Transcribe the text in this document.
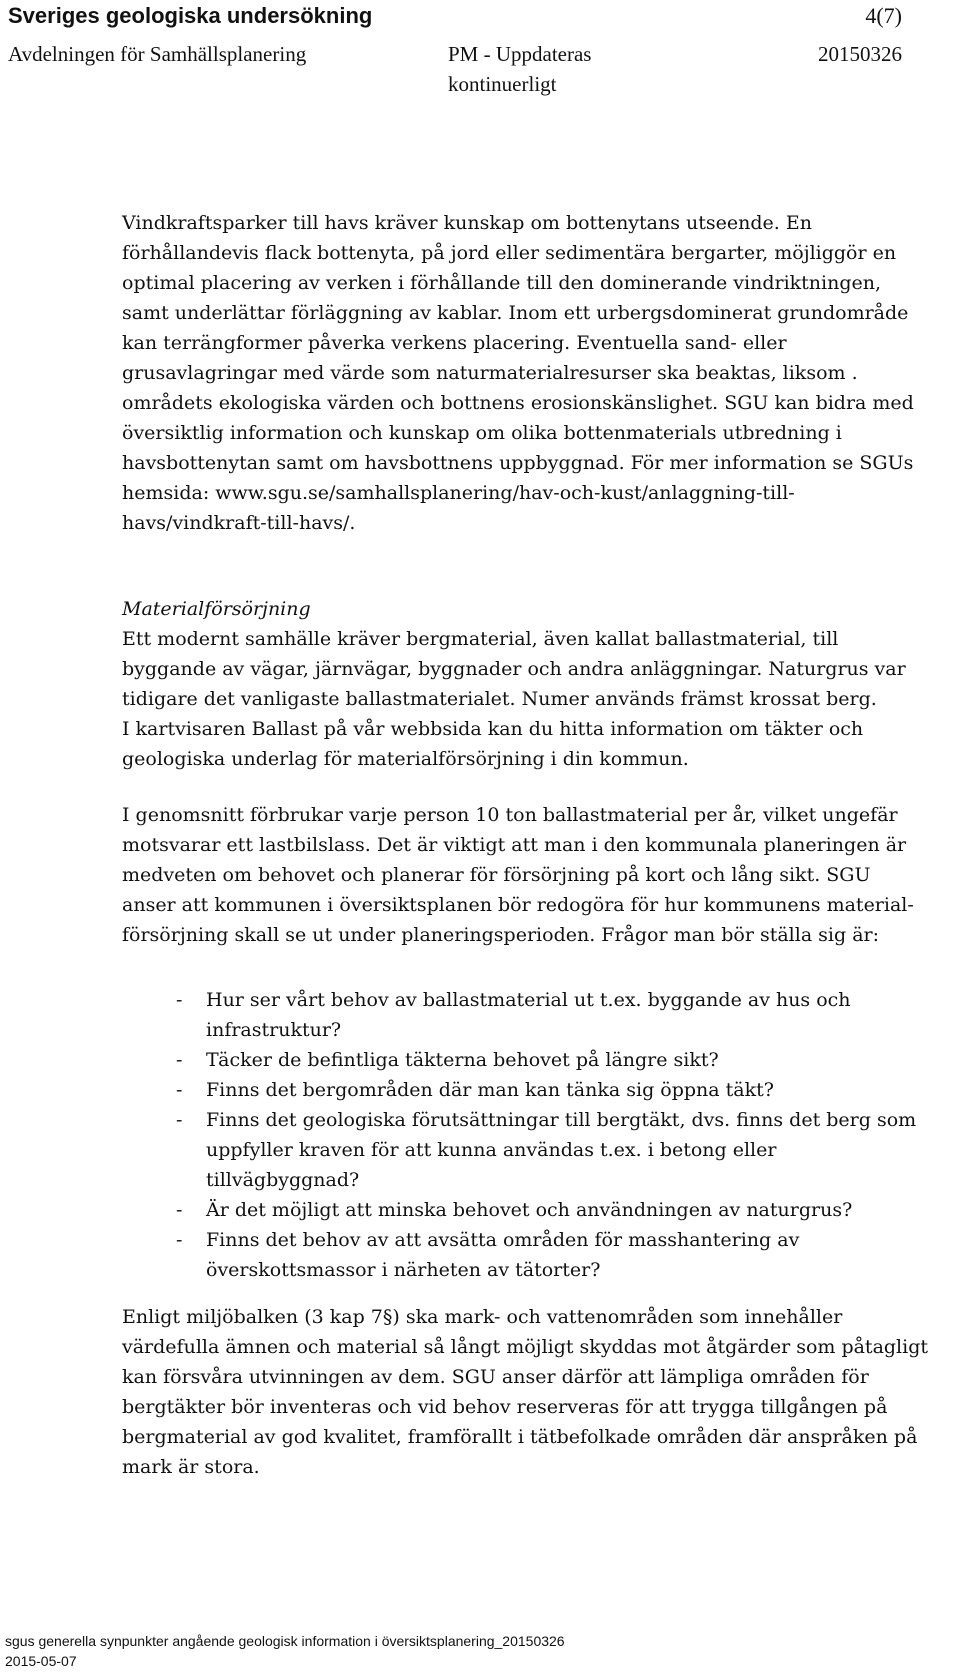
Sveriges geologiska undersökning	4(7)
Avdelningen för Samhällsplanering	PM - Uppdateras
kontinuerligt
20150326
Vindkraftsparker till havs kräver kunskap om bottenytans utseende. En
förhållandevis flack bottenyta, på jord eller sedimentära bergarter, möjliggör en
optimal placering av verken i förhållande till den dominerande vindriktningen,
samt underlättar förläggning av kablar. Inom ett urbergsdominerat grundområde
kan terrängformer påverka verkens placering. Eventuella sand- eller
grusavlagringar med värde som naturmaterialresurser ska beaktas, liksom .
områdets ekologiska värden och bottnens erosionskänslighet. SGU kan bidra med
översiktlig information och kunskap om olika bottenmaterials utbredning i
havsbottenytan samt om havsbottnens uppbyggnad. För mer information se SGUs
hemsida: www.sgu.se/samhallsplanering/hav-och-kust/anlaggning-till-
havs/vindkraft-till-havs/.

Materialförsörjning

Ett modernt samhälle kräver bergmaterial, även kallat ballastmaterial, till
byggande av vägar, järnvägar, byggnader och andra anläggningar. Naturgrus var
tidigare det vanligaste ballastmaterialet. Numer används främst krossat berg.
I kartvisaren Ballast på vår webbsida kan du hitta information om täkter och
geologiska underlag för materialförsörjning i din kommun.
I genomsnitt förbrukar varje person 10 ton ballastmaterial per år, vilket ungefär
motsvarar ett lastbilslass. Det är viktigt att man i den kommunala planeringen är
medveten om behovet och planerar för försörjning på kort och lång sikt. SGU
anser att kommunen i översiktsplanen bör redogöra för hur kommunens material-
försörjning skall se ut under planeringsperioden. Frågor man bör ställa sig är:
- Hur ser vårt behov av ballastmaterial ut t.ex. byggande av hus och
infrastruktur?
- Täcker de befintliga täkterna behovet på längre sikt?
- Finns det bergområden där man kan tänka sig öppna täkt?
- Finns det geologiska förutsättningar till bergtäkt, dvs. finns det berg som
uppfyller kraven för att kunna användas t.ex. i betong eller
tillvägbyggnad?
- Är det möjligt att minska behovet och användningen av naturgrus?
- Finns det behov av att avsätta områden för masshantering av
överskottsmassor i närheten av tätorter?
Enligt miljöbalken (3 kap 7§) ska mark- och vattenområden som innehåller
värdefulla ämnen och material så långt möjligt skyddas mot åtgärder som påtagligt
kan försvåra utvinningen av dem. SGU anser därför att lämpliga områden för
bergtäkter bör inventeras och vid behov reserveras för att trygga tillgången på
bergmaterial av god kvalitet, framförallt i tätbefolkade områden där anspråken på
mark är stora.

sgus generella synpunkter angående geologisk information i översiktsplanering_20150326

2015-05-07
